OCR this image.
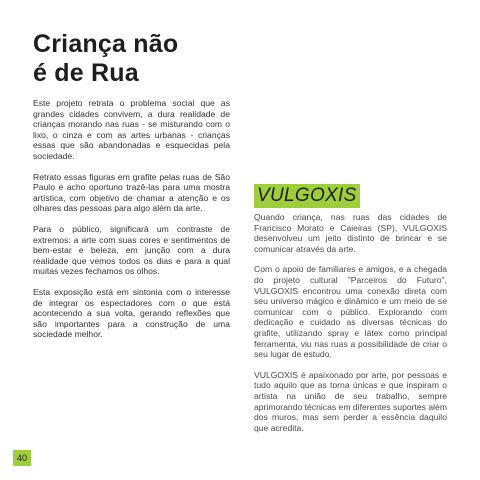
Criança não
é de Rua

Este projeto retrata o problema social que as grandes cidades convivem, a dura realidade de crianças morando nas ruas - se misturando com o lixo, o cinza e com as artes urbanas - crianças essas que são abandonadas e esquecidas pela sociedade.

Retrato essas figuras em grafite pelas ruas de São Paulo e acho oportuno trazê-las para uma mostra artística, com objetivo de chamar a atenção e os olhares das pessoas para algo além da arte.

Para o público, significará um contraste de extremos: a arte com suas cores e sentimentos de bem-estar e beleza, em junção com a dura realidade que vemos todos os dias e para a qual muitas vezes fechamos os olhos.

Esta exposição está em sintonia com o interesse de integrar os espectadores com o que está acontecendo a sua volta, gerando reflexões que são importantes para a construção de uma sociedade melhor.

VULGOXIS

Quando criança, nas ruas das cidades de Francisco Morato e Caieiras (SP), VULGOXIS desenvolveu um jeito distinto de brincar e se comunicar através da arte.

Com o apoio de familiares e amigos, e a chegada do projeto cultural "Parceiros do Futuro", VULGOXIS encontrou uma conexão direta com seu universo mágico e dinâmico e um meio de se comunicar com o público. Explorando com dedicação e cuidado as diversas técnicas do grafite, utilizando spray e látex como principal ferramenta, viu nas ruas a possibilidade de criar o seu lugar de estudo.

VULGOXIS é apaixonado por arte, por pessoas e tudo aquilo que as torna únicas e que inspiram o artista na união de seu trabalho, sempre aprimorando técnicas em diferentes suportes além dos muros, mas sem perder a essência daquilo que acredita.

40
